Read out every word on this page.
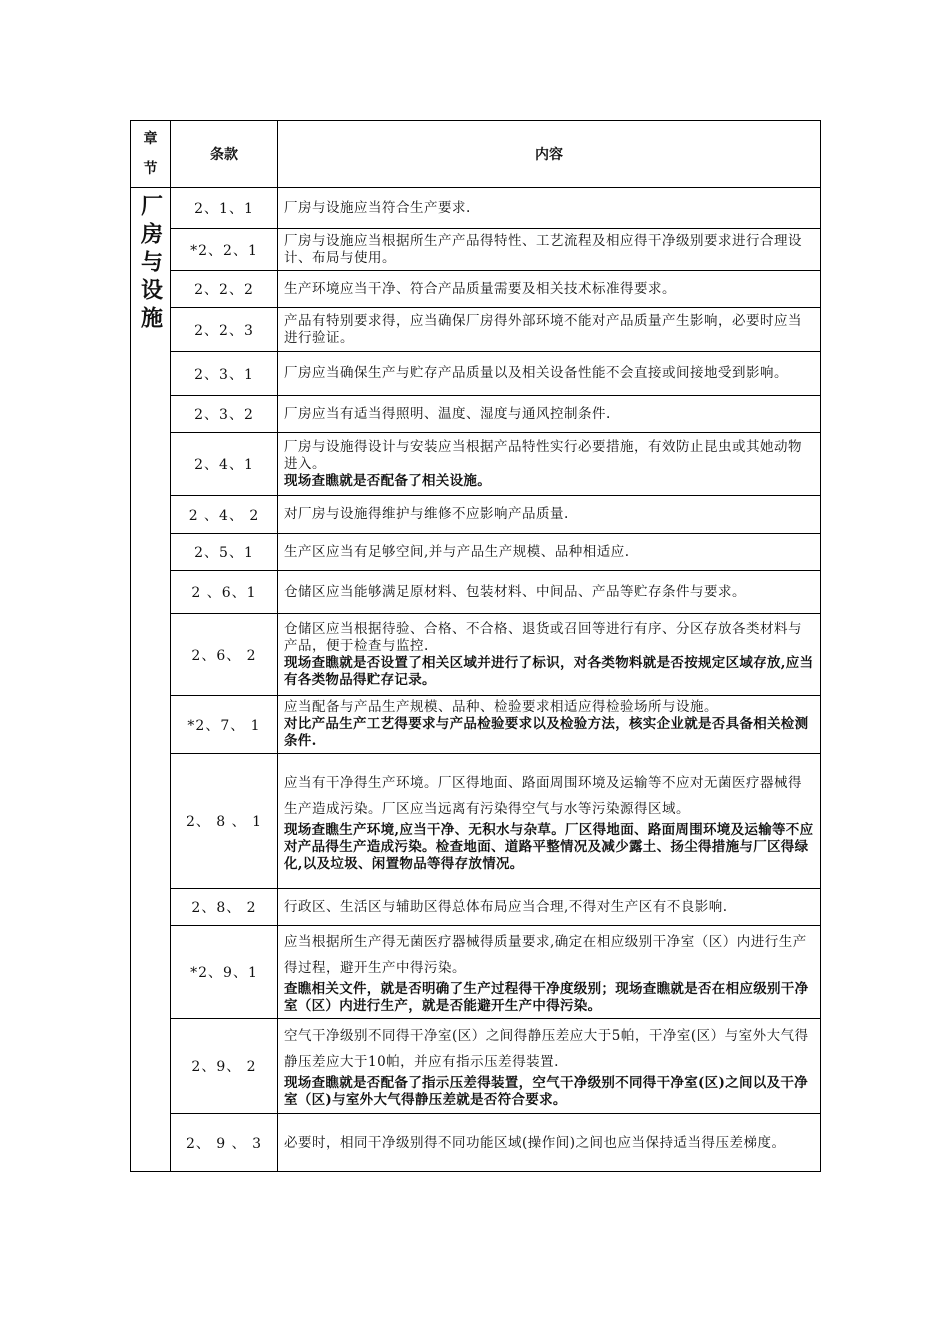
章节	条款	内容

厂房与设施	2、1、1	厂房与设施应当符合生产要求.

	*2、2、1	厂房与设施应当根据所生产产品得特性、工艺流程及相应得干净级别要求进行合理设计、布局与使用。

	2、2、2	生产环境应当干净、符合产品质量需要及相关技术标准得要求。

	2、2、3	产品有特别要求得，应当确保厂房得外部环境不能对产品质量产生影响，必要时应当进行验证。

	2、3、1	厂房应当确保生产与贮存产品质量以及相关设备性能不会直接或间接地受到影响。

	2、3、2	厂房应当有适当得照明、温度、湿度与通风控制条件.

	2、4、1	厂房与设施得设计与安装应当根据产品特性实行必要措施，有效防止昆虫或其她动物进入。
现场查瞧就是否配备了相关设施。

	2 、4、 2	对厂房与设施得维护与维修不应影响产品质量.

	2、5、1	生产区应当有足够空间,并与产品生产规模、品种相适应.

	2 、6、1	仓储区应当能够满足原材料、包装材料、中间品、产品等贮存条件与要求。

	2、6、 2	仓储区应当根据待验、合格、不合格、退货或召回等进行有序、分区存放各类材料与产品，便于检查与监控.
现场查瞧就是否设置了相关区域并进行了标识，对各类物料就是否按规定区域存放,应当有各类物品得贮存记录。

	*2、7、 1	应当配备与产品生产规模、品种、检验要求相适应得检验场所与设施。
对比产品生产工艺得要求与产品检验要求以及检验方法，核实企业就是否具备相关检测条件.

	2、 8 、 1	应当有干净得生产环境。厂区得地面、路面周围环境及运输等不应对无菌医疗器械得生产造成污染。厂区应当远离有污染得空气与水等污染源得区域。
现场查瞧生产环境,应当干净、无积水与杂草。厂区得地面、路面周围环境及运输等不应对产品得生产造成污染。检查地面、道路平整情况及减少露土、扬尘得措施与厂区得绿化,以及垃圾、闲置物品等得存放情况。

	2、8、 2	行政区、生活区与辅助区得总体布局应当合理,不得对生产区有不良影响.

	*2、9、1	应当根据所生产得无菌医疗器械得质量要求,确定在相应级别干净室（区）内进行生产得过程，避开生产中得污染。
查瞧相关文件，就是否明确了生产过程得干净度级别；现场查瞧就是否在相应级别干净室（区）内进行生产，就是否能避开生产中得污染。

	2、9、 2	空气干净级别不同得干净室(区）之间得静压差应大于5帕，干净室(区）与室外大气得静压差应大于10帕，并应有指示压差得装置.
现场查瞧就是否配备了指示压差得装置，空气干净级别不同得干净室(区)之间以及干净室（区)与室外大气得静压差就是否符合要求。

	2、 9 、 3	必要时，相同干净级别得不同功能区域(操作间)之间也应当保持适当得压差梯度。
